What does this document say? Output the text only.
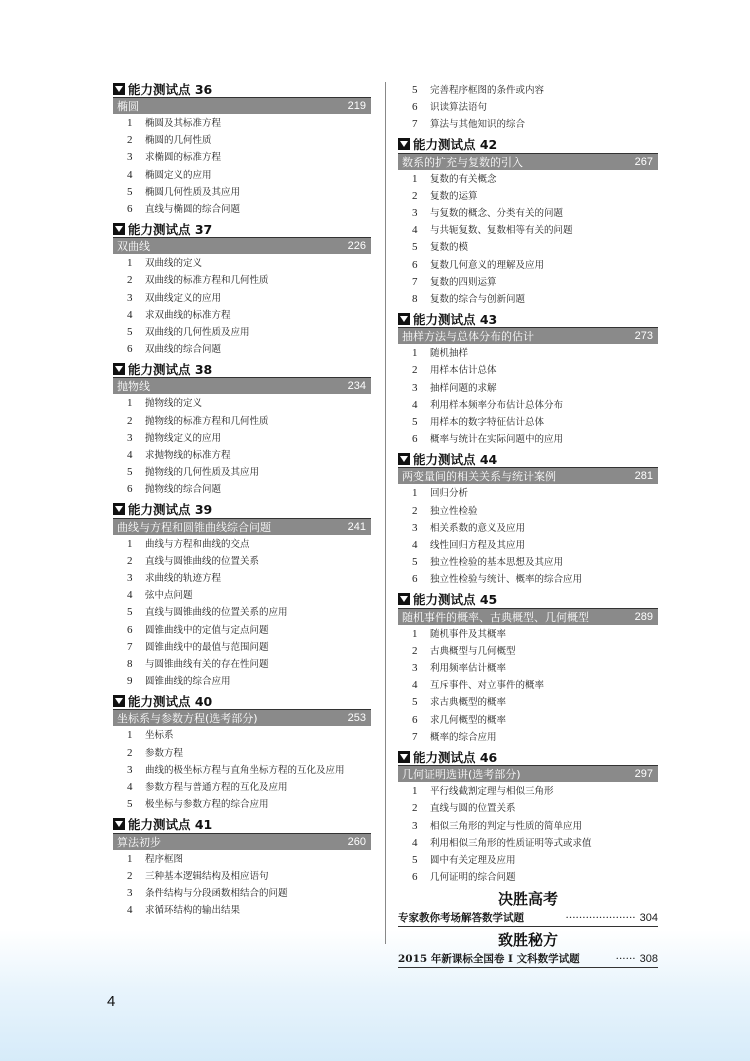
能力测试点 36
椭圆	219
1	椭圆及其标准方程
2	椭圆的几何性质
3	求椭圆的标准方程
4	椭圆定义的应用
5	椭圆几何性质及其应用
6	直线与椭圆的综合问题
能力测试点 37
双曲线	226
1	双曲线的定义
2	双曲线的标准方程和几何性质
3	双曲线定义的应用
4	求双曲线的标准方程
5	双曲线的几何性质及应用
6	双曲线的综合问题
能力测试点 38
抛物线	234
1	抛物线的定义
2	抛物线的标准方程和几何性质
3	抛物线定义的应用
4	求抛物线的标准方程
5	抛物线的几何性质及其应用
6	抛物线的综合问题
能力测试点 39
曲线与方程和圆锥曲线综合问题	241
1	曲线与方程和曲线的交点
2	直线与圆锥曲线的位置关系
3	求曲线的轨迹方程
4	弦中点问题
5	直线与圆锥曲线的位置关系的应用
6	圆锥曲线中的定值与定点问题
7	圆锥曲线中的最值与范围问题
8	与圆锥曲线有关的存在性问题
9	圆锥曲线的综合应用
能力测试点 40
坐标系与参数方程(选考部分)	253
1	坐标系
2	参数方程
3	曲线的极坐标方程与直角坐标方程的互化及应用
4	参数方程与普通方程的互化及应用
5	极坐标与参数方程的综合应用
能力测试点 41
算法初步	260
1	程序框图
2	三种基本逻辑结构及相应语句
3	条件结构与分段函数相结合的问题
4	求循环结构的输出结果
5	完善程序框图的条件或内容
6	识读算法语句
7	算法与其他知识的综合
能力测试点 42
数系的扩充与复数的引入	267
1	复数的有关概念
2	复数的运算
3	与复数的概念、分类有关的问题
4	与共轭复数、复数相等有关的问题
5	复数的模
6	复数几何意义的理解及应用
7	复数的四则运算
8	复数的综合与创新问题
能力测试点 43
抽样方法与总体分布的估计	273
1	随机抽样
2	用样本估计总体
3	抽样问题的求解
4	利用样本频率分布估计总体分布
5	用样本的数字特征估计总体
6	概率与统计在实际问题中的应用
能力测试点 44
两变量间的相关关系与统计案例	281
1	回归分析
2	独立性检验
3	相关系数的意义及应用
4	线性回归方程及其应用
5	独立性检验的基本思想及其应用
6	独立性检验与统计、概率的综合应用
能力测试点 45
随机事件的概率、古典概型、几何概型	289
1	随机事件及其概率
2	古典概型与几何概型
3	利用频率估计概率
4	互斥事件、对立事件的概率
5	求古典概型的概率
6	求几何概型的概率
7	概率的综合应用
能力测试点 46
几何证明选讲(选考部分)	297
1	平行线截割定理与相似三角形
2	直线与圆的位置关系
3	相似三角形的判定与性质的简单应用
4	利用相似三角形的性质证明等式或求值
5	圆中有关定理及应用
6	几何证明的综合问题
决胜高考
专家教你考场解答数学试题	····················· 304
致胜秘方
2015 年新课标全国卷 I 文科数学试题	······ 308
4
